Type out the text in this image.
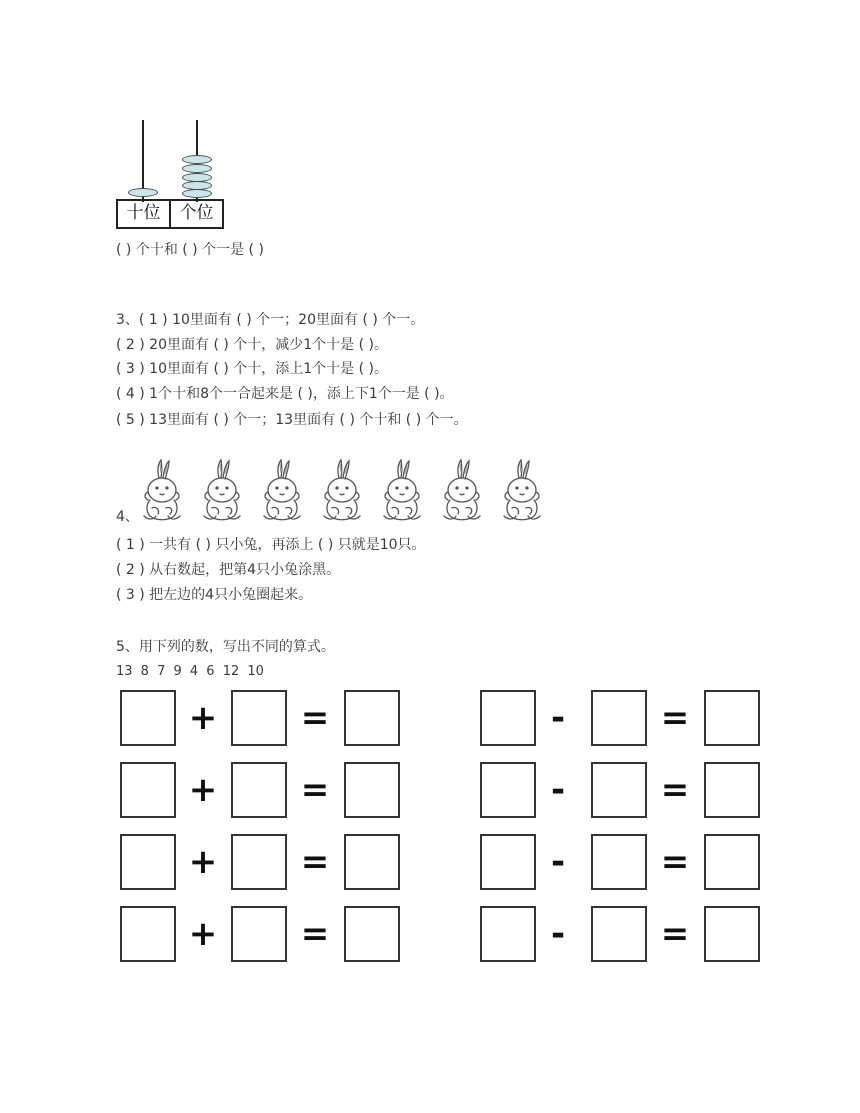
十位	个位
( ) 个十和 ( ) 个一是 ( )
3、( 1 ) 10里面有 ( ) 个一；20里面有 ( ) 个一。
( 2 ) 20里面有 ( ) 个十，减少1个十是 ( )。
( 3 ) 10里面有 ( ) 个十，添上1个十是 ( )。
( 4 ) 1个十和8个一合起来是 ( )，添上下1个一是 ( )。
( 5 ) 13里面有 ( ) 个一；13里面有 ( ) 个十和 ( ) 个一。
4、
( 1 ) 一共有 ( ) 只小兔，再添上 ( ) 只就是10只。
( 2 ) 从右数起，把第4只小兔涂黑。
( 3 ) 把左边的4只小兔圈起来。
5、用下列的数，写出不同的算式。
13 8 7 9 4 6 12 10
+ =	-	=
+ =	-	=
+ =	-	=
+ =	-	=
